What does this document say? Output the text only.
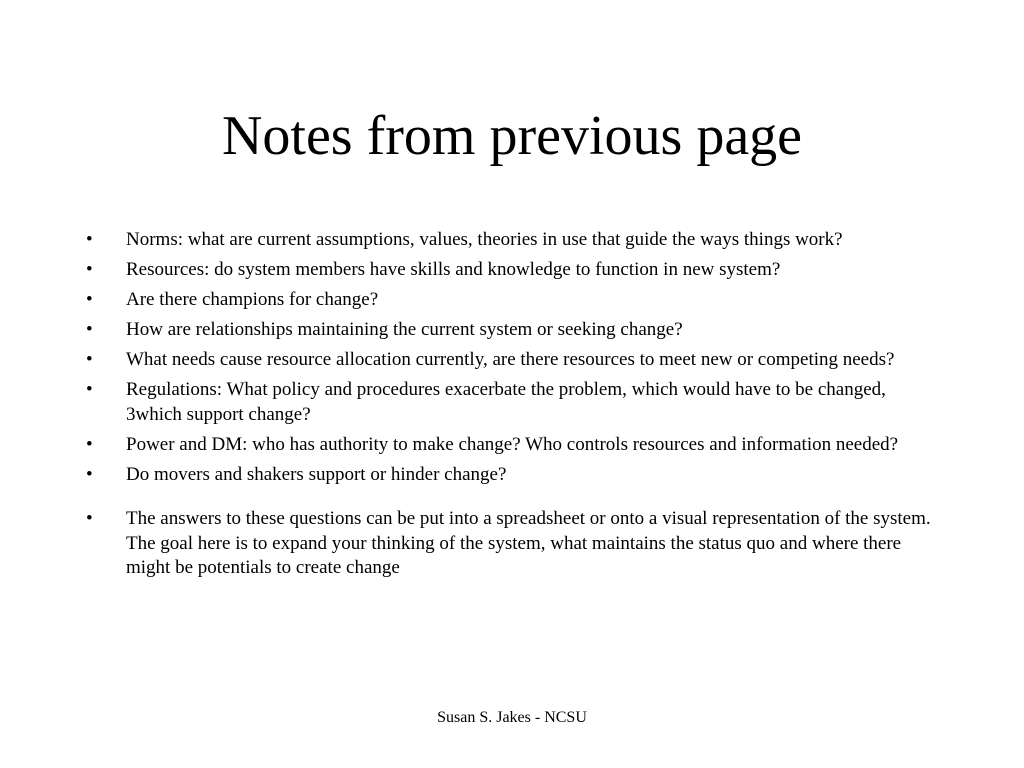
Notes from previous page
•	Norms: what are current assumptions, values, theories in use that guide the ways things work?
•	Resources: do system members have skills and knowledge to function in new system?
•	Are there champions for change?
•	How are relationships maintaining the current system or seeking change?
•	What needs cause resource allocation currently, are there resources to meet new or competing needs?
•	Regulations: What policy and procedures exacerbate the problem, which would have to be changed, 3which support change?
•	Power and DM: who has authority to make change? Who controls resources and information needed?
•	Do movers and shakers support or hinder change?
•	The answers to these questions can be put into a spreadsheet or onto a visual representation of the system. The goal here is to expand your thinking of the system, what maintains the status quo and where there might be potentials to create change
Susan S. Jakes - NCSU
